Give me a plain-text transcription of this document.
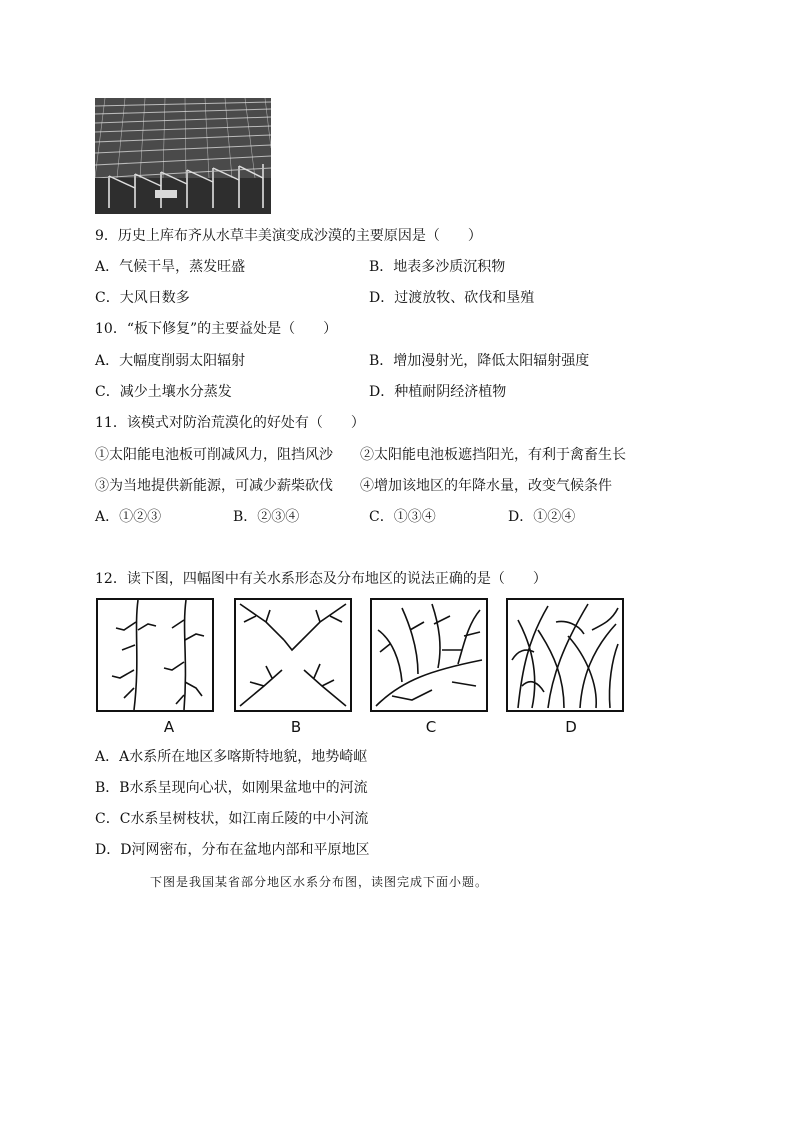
9．历史上库布齐从水草丰美演变成沙漠的主要原因是（　　）
A．气候干旱，蒸发旺盛	B．地表多沙质沉积物
C．大风日数多	D．过渡放牧、砍伐和垦殖
10．“板下修复”的主要益处是（　　）
A．大幅度削弱太阳辐射	B．增加漫射光，降低太阳辐射强度
C．减少土壤水分蒸发	D．种植耐阴经济植物
11．该模式对防治荒漠化的好处有（　　）
①太阳能电池板可削减风力，阻挡风沙 ②太阳能电池板遮挡阳光，有利于禽畜生长
③为当地提供新能源，可减少薪柴砍伐 ④增加该地区的年降水量，改变气候条件
A．①②③	B．②③④	C．①③④	D．①②④
12．读下图，四幅图中有关水系形态及分布地区的说法正确的是（　　）
A	B	C	D
A．A水系所在地区多喀斯特地貌，地势崎岖
B．B水系呈现向心状，如刚果盆地中的河流
C．C水系呈树枝状，如江南丘陵的中小河流
D．D河网密布，分布在盆地内部和平原地区
下图是我国某省部分地区水系分布图，读图完成下面小题。
